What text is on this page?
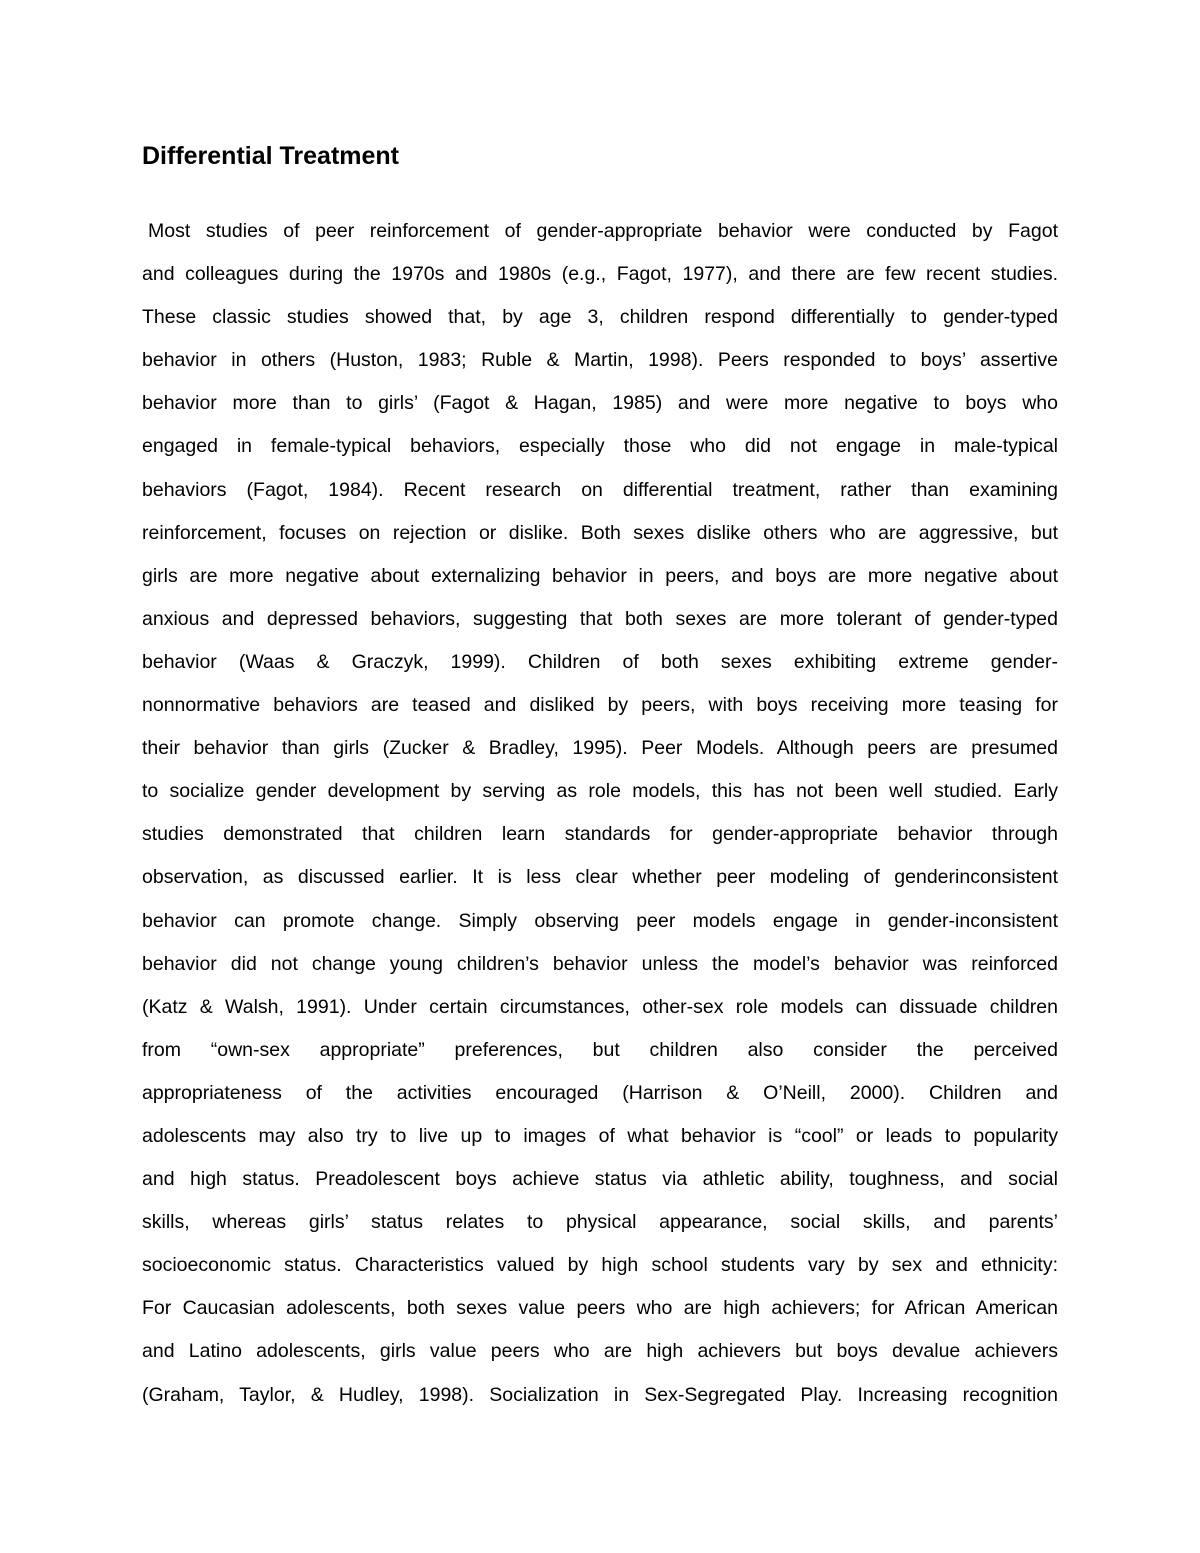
Differential Treatment
Most studies of peer reinforcement of gender-appropriate behavior were conducted by Fagot
and colleagues during the 1970s and 1980s (e.g., Fagot, 1977), and there are few recent studies.
These classic studies showed that, by age 3, children respond differentially to gender-typed
behavior in others (Huston, 1983; Ruble & Martin, 1998). Peers responded to boys’ assertive
behavior more than to girls’ (Fagot & Hagan, 1985) and were more negative to boys who
engaged in female-typical behaviors, especially those who did not engage in male-typical
behaviors (Fagot, 1984). Recent research on differential treatment, rather than examining
reinforcement, focuses on rejection or dislike. Both sexes dislike others who are aggressive, but
girls are more negative about externalizing behavior in peers, and boys are more negative about
anxious and depressed behaviors, suggesting that both sexes are more tolerant of gender-typed
behavior (Waas & Graczyk, 1999). Children of both sexes exhibiting extreme gender-
nonnormative behaviors are teased and disliked by peers, with boys receiving more teasing for
their behavior than girls (Zucker & Bradley, 1995). Peer Models. Although peers are presumed
to socialize gender development by serving as role models, this has not been well studied. Early
studies demonstrated that children learn standards for gender-appropriate behavior through
observation, as discussed earlier. It is less clear whether peer modeling of genderinconsistent
behavior can promote change. Simply observing peer models engage in gender-inconsistent
behavior did not change young children’s behavior unless the model’s behavior was reinforced
(Katz & Walsh, 1991). Under certain circumstances, other-sex role models can dissuade children
from “own-sex appropriate” preferences, but children also consider the perceived
appropriateness of the activities encouraged (Harrison & O’Neill, 2000). Children and
adolescents may also try to live up to images of what behavior is “cool” or leads to popularity
and high status. Preadolescent boys achieve status via athletic ability, toughness, and social
skills, whereas girls’ status relates to physical appearance, social skills, and parents’
socioeconomic status. Characteristics valued by high school students vary by sex and ethnicity:
For Caucasian adolescents, both sexes value peers who are high achievers; for African American
and Latino adolescents, girls value peers who are high achievers but boys devalue achievers
(Graham, Taylor, & Hudley, 1998). Socialization in Sex-Segregated Play. Increasing recognition
